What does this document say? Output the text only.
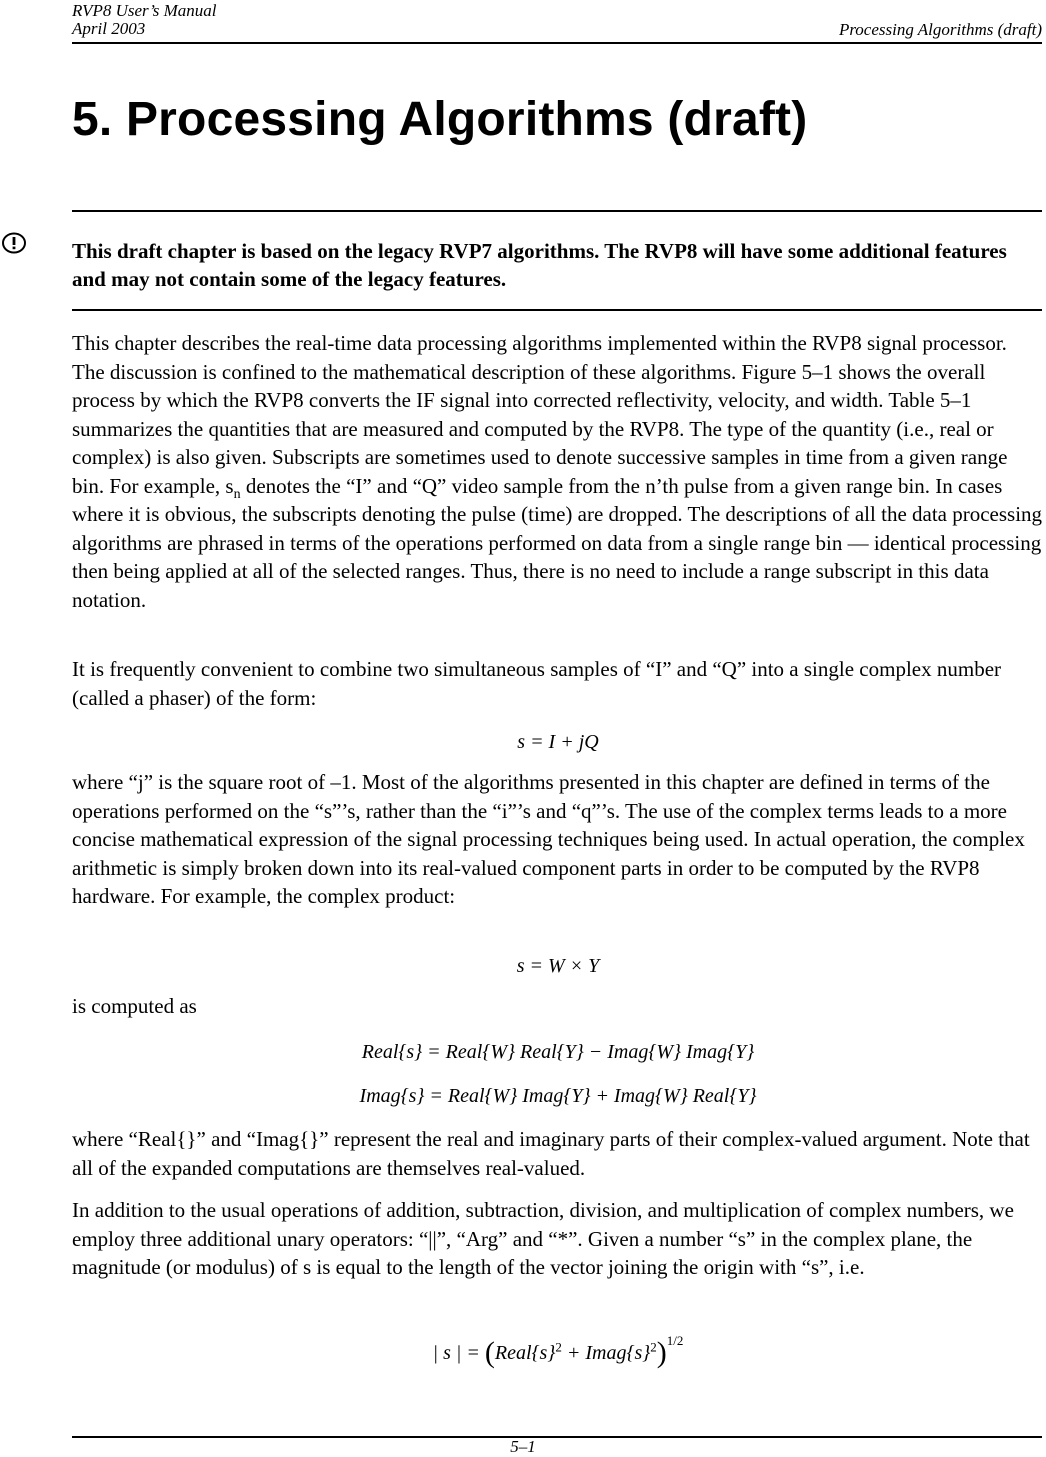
RVP8 User’s Manual
April 2003	Processing Algorithms (draft)
5. Processing Algorithms (draft)

This draft chapter is based on the legacy RVP7 algorithms. The RVP8 will have some additional features and may not contain some of the legacy features.

This chapter describes the real-time data processing algorithms implemented within the RVP8 signal processor. The discussion is confined to the mathematical description of these algorithms. Figure 5–1 shows the overall process by which the RVP8 converts the IF signal into corrected reflectivity, velocity, and width. Table 5–1 summarizes the quantities that are measured and computed by the RVP8. The type of the quantity (i.e., real or complex) is also given. Subscripts are sometimes used to denote successive samples in time from a given range bin. For example, $s_n$ denotes the “I” and “Q” video sample from the n’th pulse from a given range bin. In cases where it is obvious, the subscripts denoting the pulse (time) are dropped. The descriptions of all the data processing algorithms are phrased in terms of the operations performed on data from a single range bin — identical processing then being applied at all of the selected ranges. Thus, there is no need to include a range subscript in this data notation.

It is frequently convenient to combine two simultaneous samples of “I” and “Q” into a single complex number (called a phaser) of the form:

s = I + jQ

where “j” is the square root of –1. Most of the algorithms presented in this chapter are defined in terms of the operations performed on the “s”’s, rather than the “i”’s and “q”’s. The use of the complex terms leads to a more concise mathematical expression of the signal processing techniques being used. In actual operation, the complex arithmetic is simply broken down into its real-valued component parts in order to be computed by the RVP8 hardware. For example, the complex product:

s = W × Y

is computed as

Real{s} = Real{W} Real{Y} − Imag{W} Imag{Y}
Imag{s} = Real{W} Imag{Y} + Imag{W} Real{Y}

where “Real{}” and “Imag{}” represent the real and imaginary parts of their complex-valued argument. Note that all of the expanded computations are themselves real-valued.

In addition to the usual operations of addition, subtraction, division, and multiplication of complex numbers, we employ three additional unary operators: “||”, “Arg” and “*”. Given a number “s” in the complex plane, the magnitude (or modulus) of s is equal to the length of the vector joining the origin with “s”, i.e.

| s | = ($Real\{s\}^2$ + $Imag\{s\}^2)^{1/2}$
5–1
